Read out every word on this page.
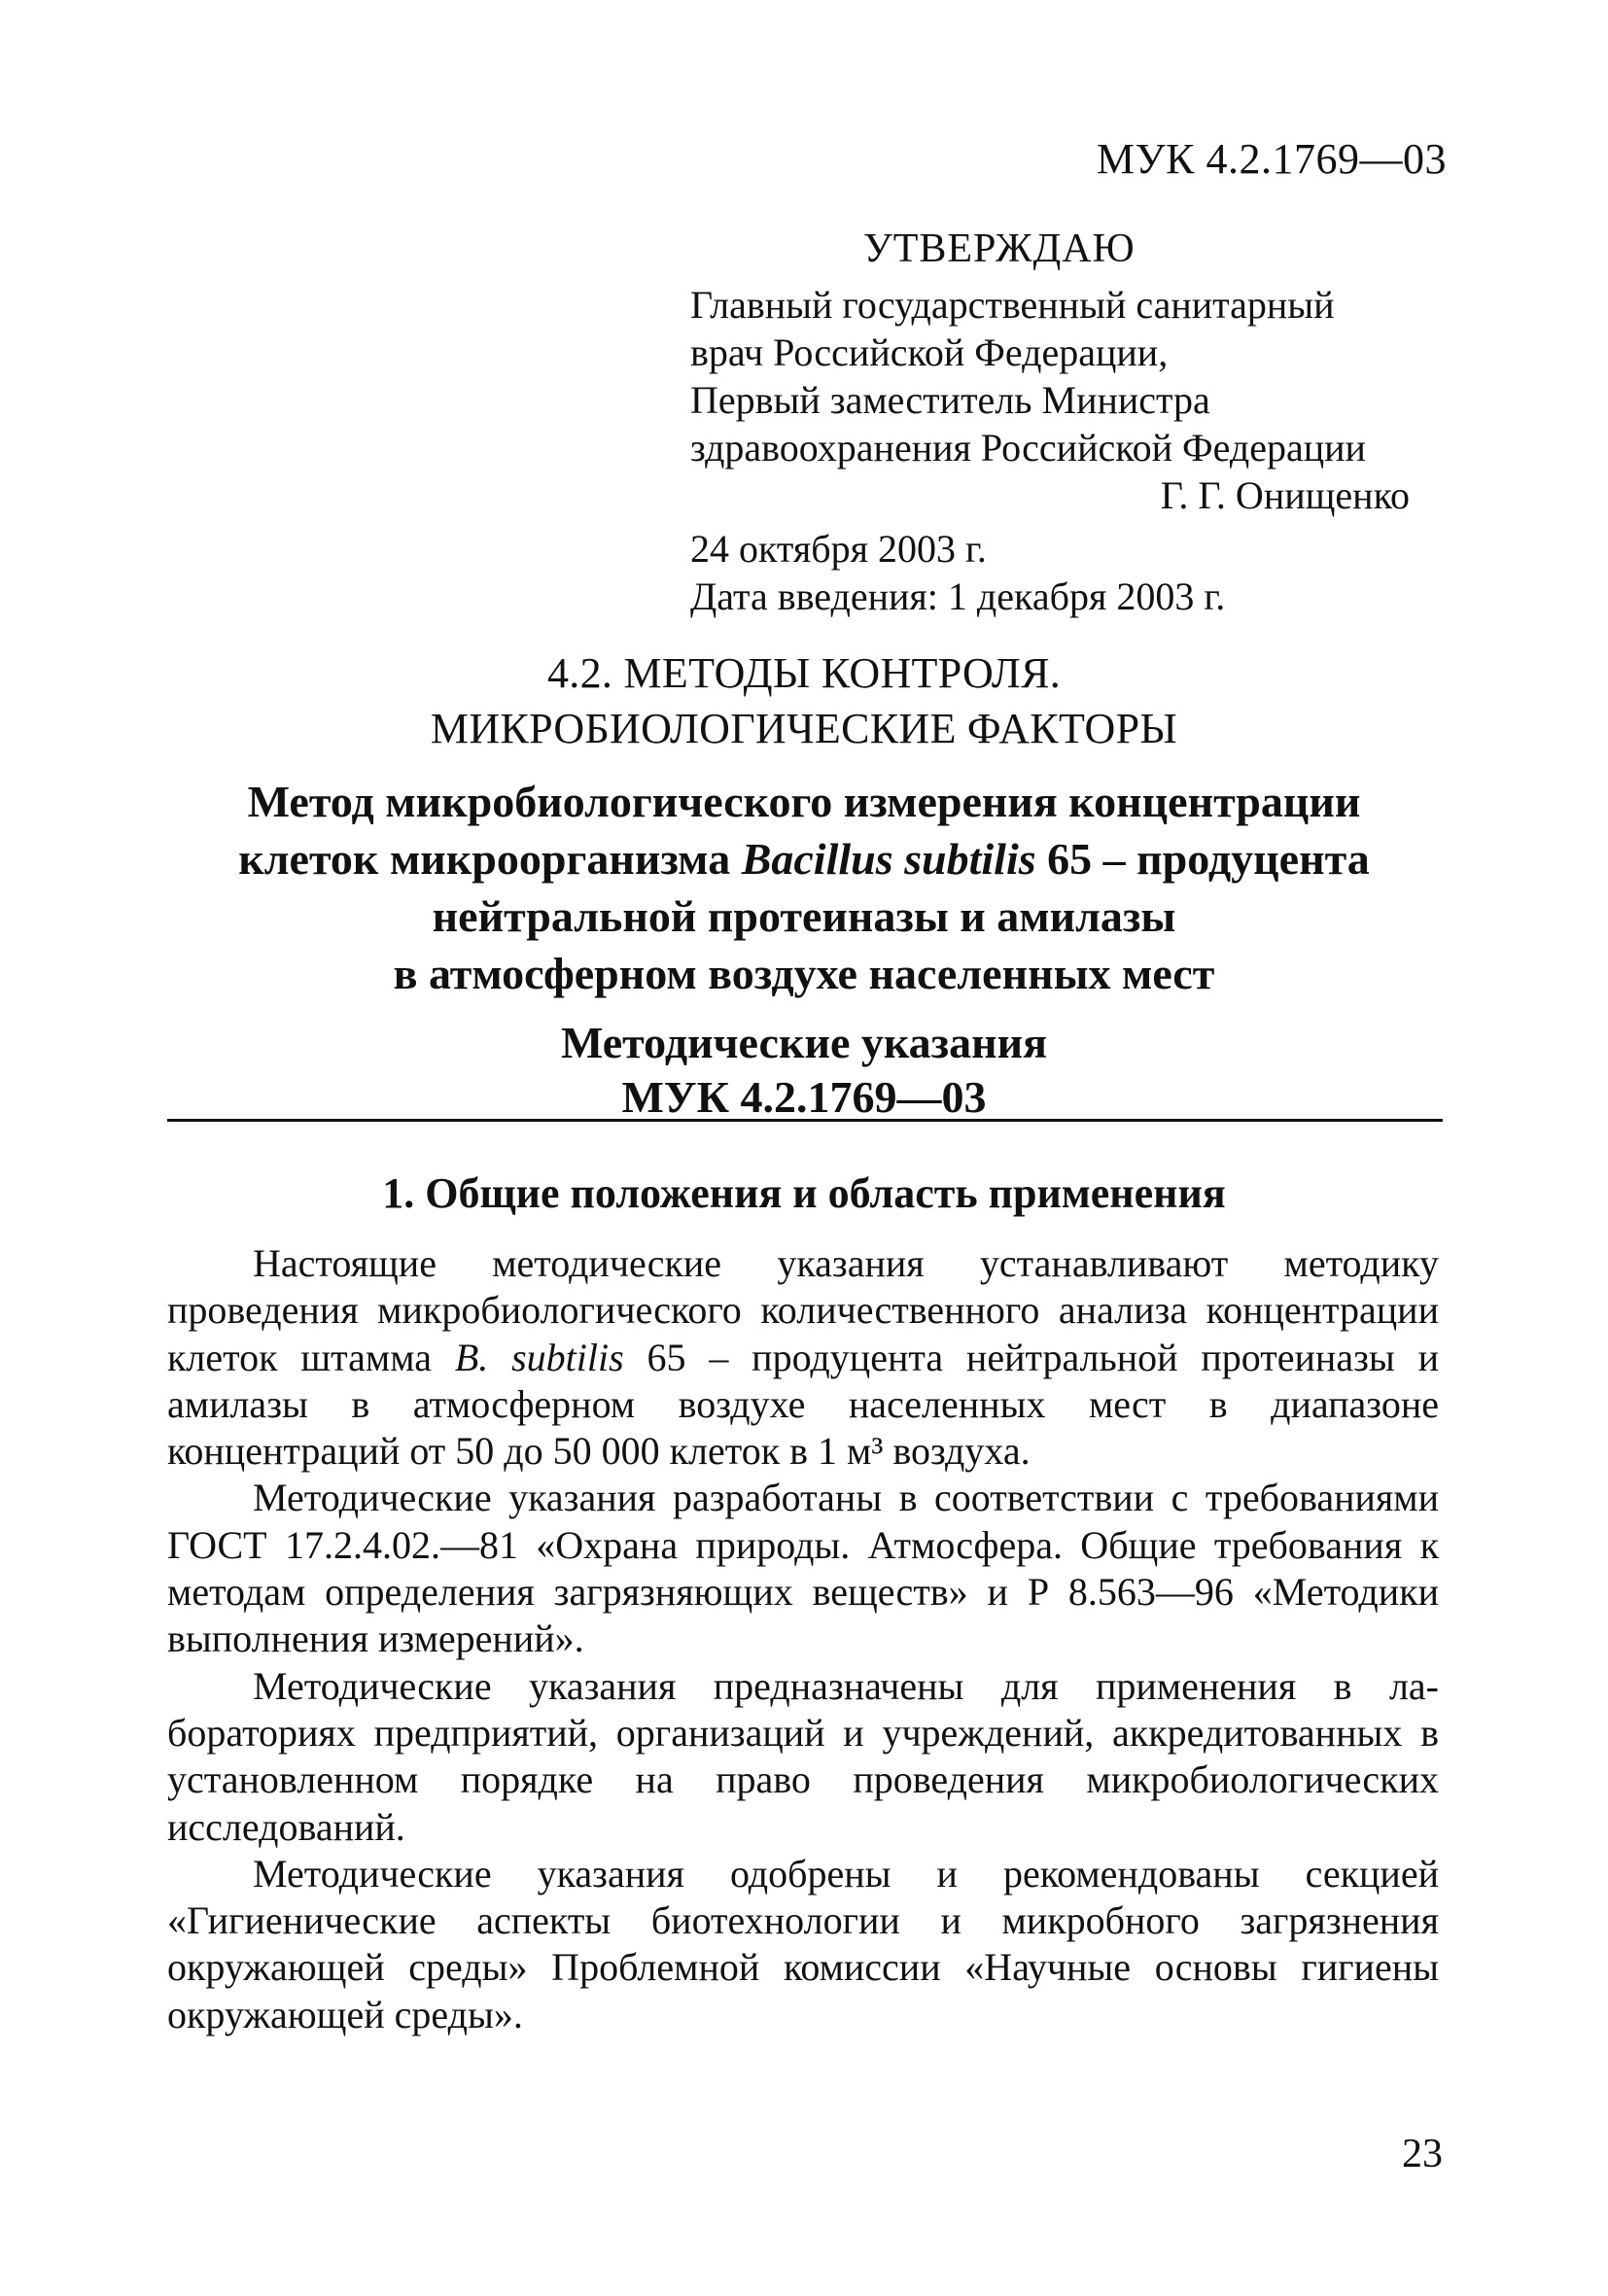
МУК 4.2.1769—03
УТВЕРЖДАЮ
Главный государственный санитарный
врач Российской Федерации,
Первый заместитель Министра
здравоохранения Российской Федерации
Г. Г. Онищенко
24 октября 2003 г.
Дата введения: 1 декабря 2003 г.
4.2. МЕТОДЫ КОНТРОЛЯ.
МИКРОБИОЛОГИЧЕСКИЕ ФАКТОРЫ
Метод микробиологического измерения концентрации
клеток микроорганизма Bacillus subtilis 65 – продуцента
нейтральной протеиназы и амилазы
в атмосферном воздухе населенных мест
Методические указания
МУК 4.2.1769—03
1. Общие положения и область применения

Настоящие методические указания устанавливают методику проведения микробиологического количественного анализа концентрации клеток штамма B. subtilis 65 – продуцента нейтральной протеиназы и амилазы в атмосферном воздухе населенных мест в диапазоне концентраций от 50 до 50 000 клеток в 1 м³ воздуха.

Методические указания разработаны в соответствии с требованиями ГОСТ 17.2.4.02.—81 «Охрана природы. Атмосфера. Общие требования к методам определения загрязняющих веществ» и Р 8.563—96 «Методики выполнения измерений».

Методические указания предназначены для применения в лабораториях предприятий, организаций и учреждений, аккредитованных в установленном порядке на право проведения микробиологических исследований.

Методические указания одобрены и рекомендованы секцией «Гигиенические аспекты биотехнологии и микробного загрязнения окружающей среды» Проблемной комиссии «Научные основы гигиены окружающей среды».

23
